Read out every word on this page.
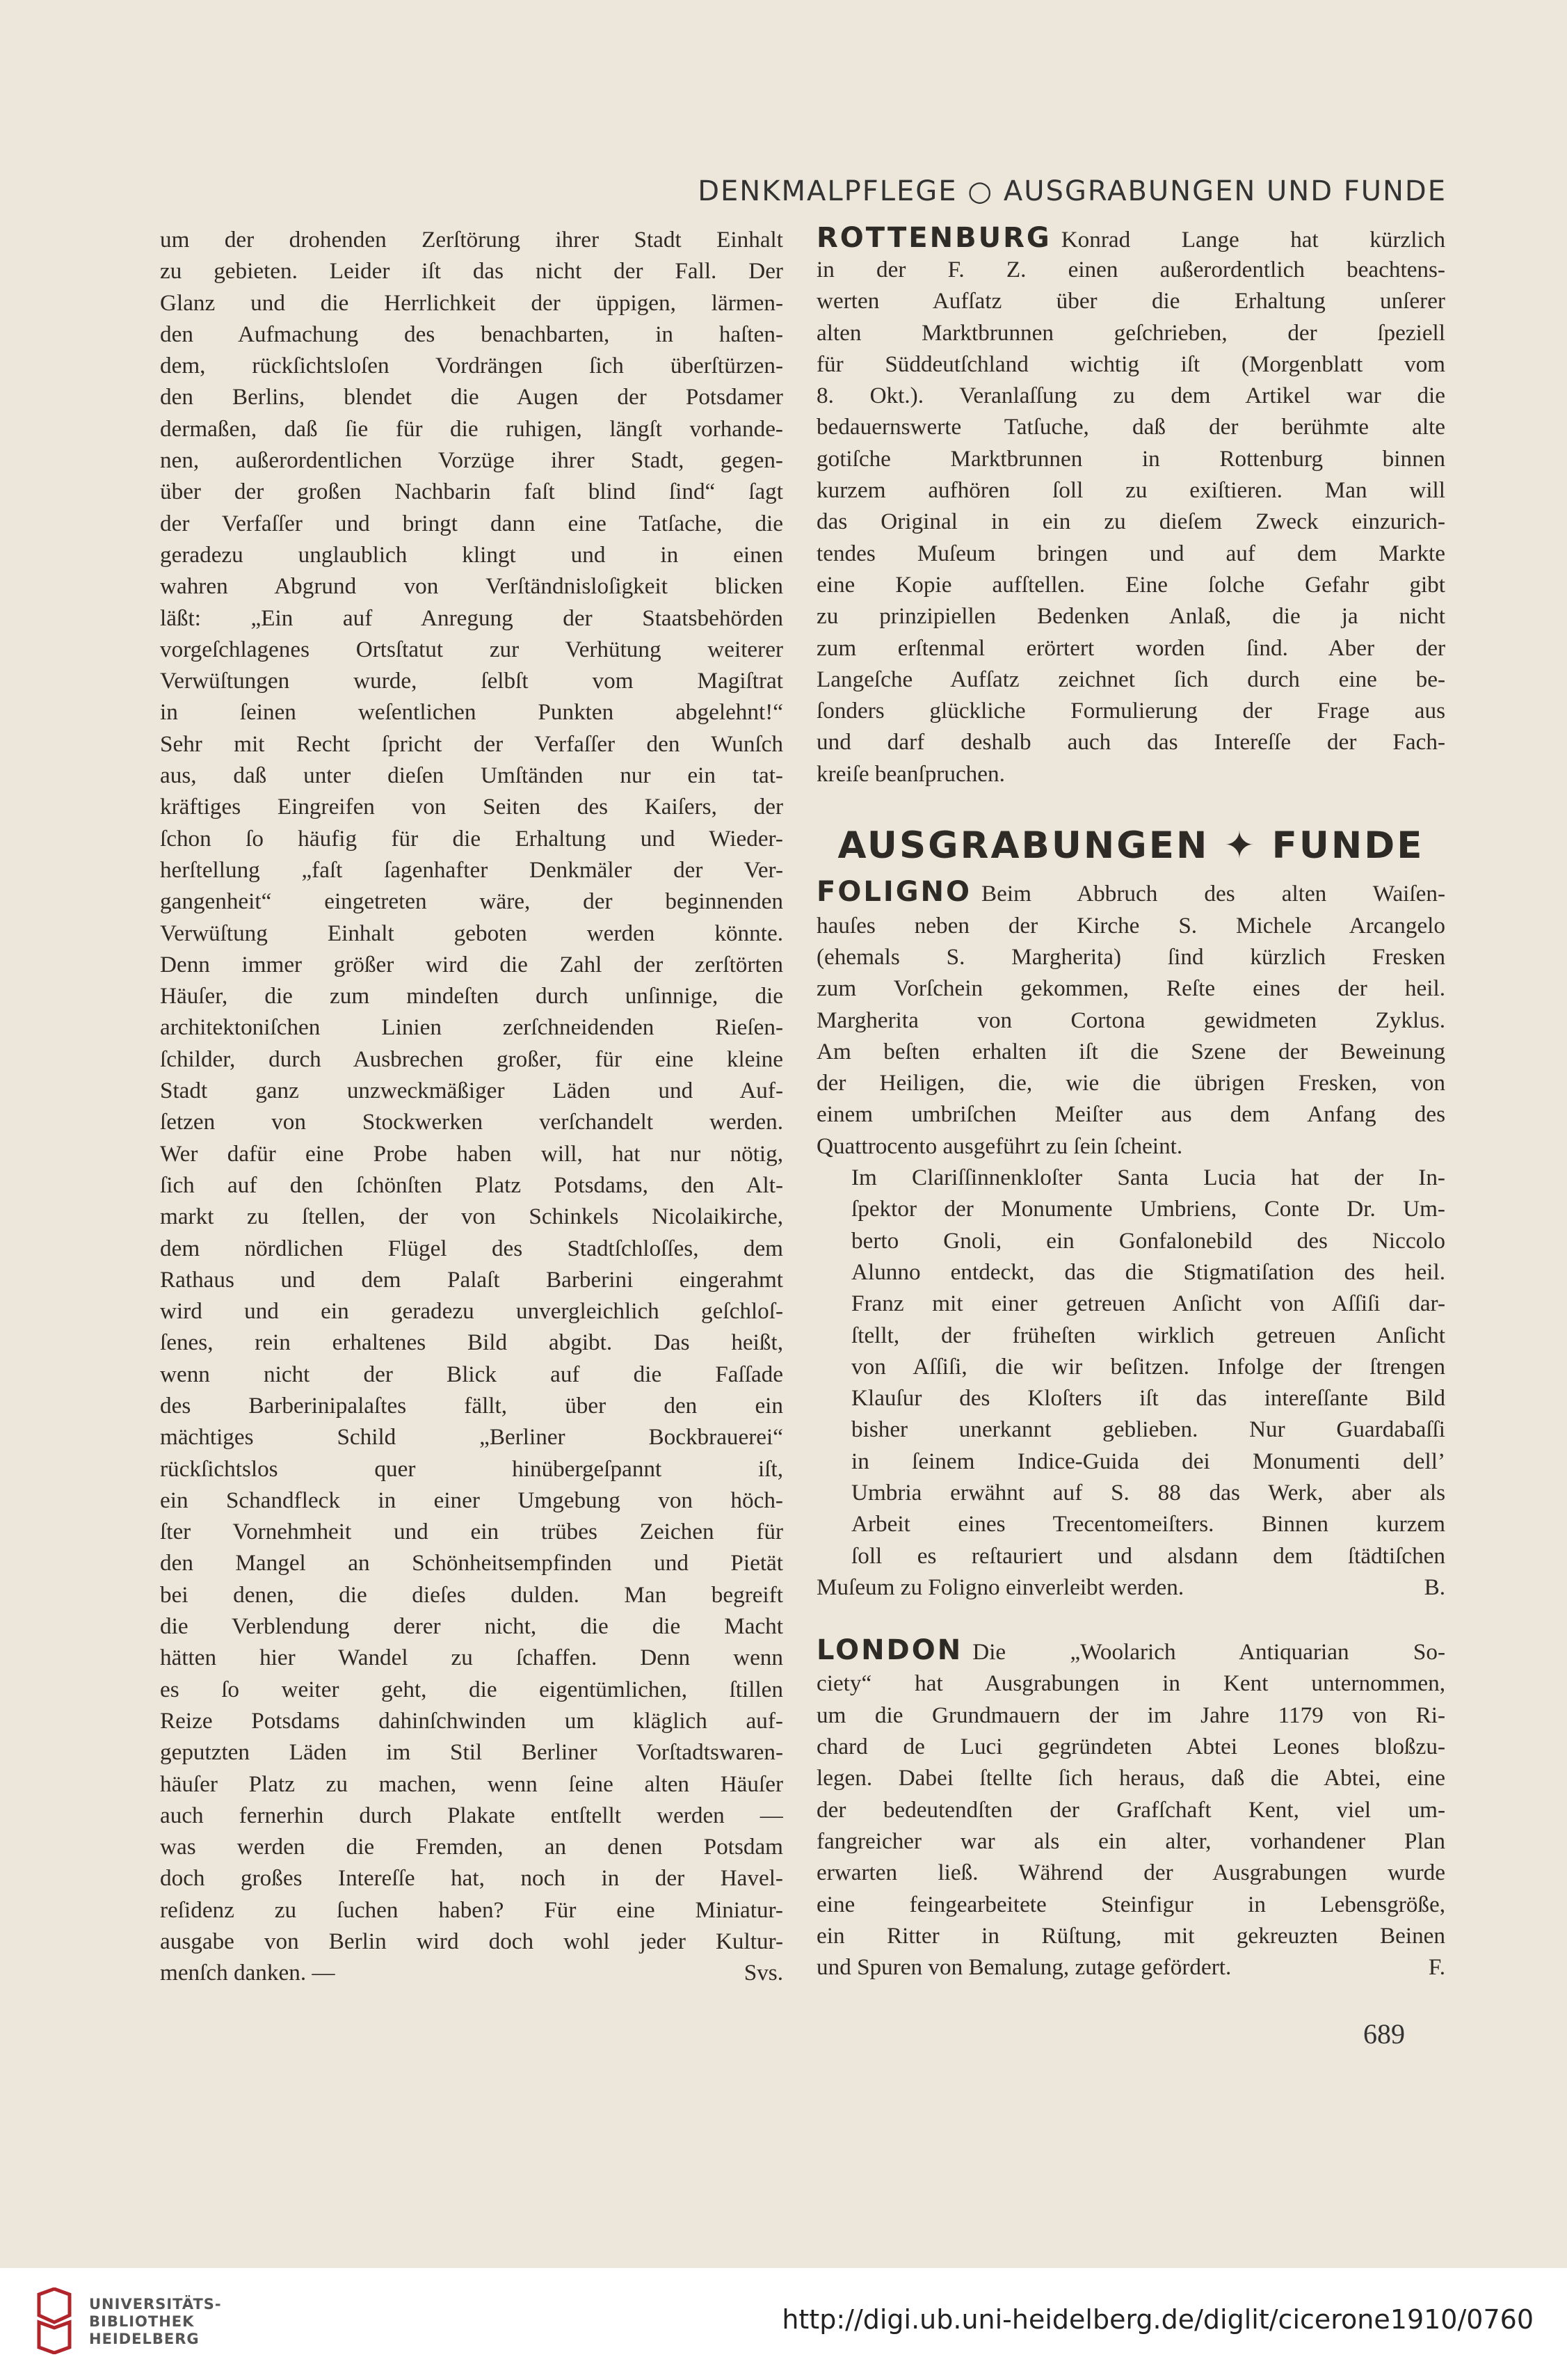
DENKMALPFLEGE ○ AUSGRABUNGEN UND FUNDE
um der drohenden Zerſtörung ihrer Stadt Einhalt
zu gebieten. Leider iſt das nicht der Fall. Der
Glanz und die Herrlichkeit der üppigen, lärmen-
den Aufmachung des benachbarten, in haſten-
dem, rückſichtsloſen Vordrängen ſich überſtürzen-
den Berlins, blendet die Augen der Potsdamer
dermaßen, daß ſie für die ruhigen, längſt vorhande-
nen, außerordentlichen Vorzüge ihrer Stadt, gegen-
über der großen Nachbarin faſt blind ſind“ ſagt
der Verfaſſer und bringt dann eine Tatſache, die
geradezu unglaublich klingt und in einen
wahren Abgrund von Verſtändnisloſigkeit blicken
läßt: „Ein auf Anregung der Staatsbehörden
vorgeſchlagenes Ortsſtatut zur Verhütung weiterer
Verwüſtungen wurde, ſelbſt vom Magiſtrat
in ſeinen weſentlichen Punkten abgelehnt!“
Sehr mit Recht ſpricht der Verfaſſer den Wunſch
aus, daß unter dieſen Umſtänden nur ein tat-
kräftiges Eingreifen von Seiten des Kaiſers, der
ſchon ſo häufig für die Erhaltung und Wieder-
herſtellung „faſt ſagenhafter Denkmäler der Ver-
gangenheit“ eingetreten wäre, der beginnenden
Verwüſtung Einhalt geboten werden könnte.
Denn immer größer wird die Zahl der zerſtörten
Häuſer, die zum mindeſten durch unſinnige, die
architektoniſchen Linien zerſchneidenden Rieſen-
ſchilder, durch Ausbrechen großer, für eine kleine
Stadt ganz unzweckmäßiger Läden und Auf-
ſetzen von Stockwerken verſchandelt werden.
Wer dafür eine Probe haben will, hat nur nötig,
ſich auf den ſchönſten Platz Potsdams, den Alt-
markt zu ſtellen, der von Schinkels Nicolaikirche,
dem nördlichen Flügel des Stadtſchloſſes, dem
Rathaus und dem Palaſt Barberini eingerahmt
wird und ein geradezu unvergleichlich geſchloſ-
ſenes, rein erhaltenes Bild abgibt. Das heißt,
wenn nicht der Blick auf die Faſſade
des Barberinipalaſtes fällt, über den ein
mächtiges Schild „Berliner Bockbrauerei“
rückſichtslos quer hinübergeſpannt iſt,
ein Schandfleck in einer Umgebung von höch-
ſter Vornehmheit und ein trübes Zeichen für
den Mangel an Schönheitsempfinden und Pietät
bei denen, die dieſes dulden. Man begreift
die Verblendung derer nicht, die die Macht
hätten hier Wandel zu ſchaffen. Denn wenn
es ſo weiter geht, die eigentümlichen, ſtillen
Reize Potsdams dahinſchwinden um kläglich auf-
geputzten Läden im Stil Berliner Vorſtadtswaren-
häuſer Platz zu machen, wenn ſeine alten Häuſer
auch fernerhin durch Plakate entſtellt werden —
was werden die Fremden, an denen Potsdam
doch großes Intereſſe hat, noch in der Havel-
reſidenz zu ſuchen haben? Für eine Miniatur-
ausgabe von Berlin wird doch wohl jeder Kultur-
menſch danken. —	Svs.
ROTTENBURG Konrad Lange hat kürzlich
in der F. Z. einen außerordentlich beachtens-
werten Aufſatz über die Erhaltung unſerer
alten Marktbrunnen geſchrieben, der ſpeziell
für Süddeutſchland wichtig iſt (Morgenblatt vom
8. Okt.). Veranlaſſung zu dem Artikel war die
bedauernswerte Tatſuche, daß der berühmte alte
gotiſche Marktbrunnen in Rottenburg binnen
kurzem aufhören ſoll zu exiſtieren. Man will
das Original in ein zu dieſem Zweck einzurich-
tendes Muſeum bringen und auf dem Markte
eine Kopie aufſtellen. Eine ſolche Gefahr gibt
zu prinzipiellen Bedenken Anlaß, die ja nicht
zum erſtenmal erörtert worden ſind. Aber der
Langeſche Aufſatz zeichnet ſich durch eine be-
ſonders glückliche Formulierung der Frage aus
und darf deshalb auch das Intereſſe der Fach-
kreiſe beanſpruchen.
AUSGRABUNGEN ✦ FUNDE
FOLIGNO Beim Abbruch des alten Waiſen-
hauſes neben der Kirche S. Michele Arcangelo
(ehemals S. Margherita) ſind kürzlich Fresken
zum Vorſchein gekommen, Reſte eines der heil.
Margherita von Cortona gewidmeten Zyklus.
Am beſten erhalten iſt die Szene der Beweinung
der Heiligen, die, wie die übrigen Fresken, von
einem umbriſchen Meiſter aus dem Anfang des
Quattrocento ausgeführt zu ſein ſcheint.
Im Clariſſinnenkloſter Santa Lucia hat der In-
ſpektor der Monumente Umbriens, Conte Dr. Um-
berto Gnoli, ein Gonfalonebild des Niccolo
Alunno entdeckt, das die Stigmatiſation des heil.
Franz mit einer getreuen Anſicht von Aſſiſi dar-
ſtellt, der früheſten wirklich getreuen Anſicht
von Aſſiſi, die wir beſitzen. Infolge der ſtrengen
Klauſur des Kloſters iſt das intereſſante Bild
bisher unerkannt geblieben. Nur Guardabaſſi
in ſeinem Indice-Guida dei Monumenti dell’
Umbria erwähnt auf S. 88 das Werk, aber als
Arbeit eines Trecentomeiſters. Binnen kurzem
ſoll es reſtauriert und alsdann dem ſtädtiſchen
Muſeum zu Foligno einverleibt werden.	B.
LONDON Die „Woolarich Antiquarian So-
ciety“ hat Ausgrabungen in Kent unternommen,
um die Grundmauern der im Jahre 1179 von Ri-
chard de Luci gegründeten Abtei Leones bloßzu-
legen. Dabei ſtellte ſich heraus, daß die Abtei, eine
der bedeutendſten der Grafſchaft Kent, viel um-
fangreicher war als ein alter, vorhandener Plan
erwarten ließ. Während der Ausgrabungen wurde
eine feingearbeitete Steinfigur in Lebensgröße,
ein Ritter in Rüſtung, mit gekreuzten Beinen
und Spuren von Bemalung, zutage gefördert.	F.
689
UNIVERSITÄTS-
BIBLIOTHEK
HEIDELBERG
http://digi.ub.uni-heidelberg.de/diglit/cicerone1910/0760
